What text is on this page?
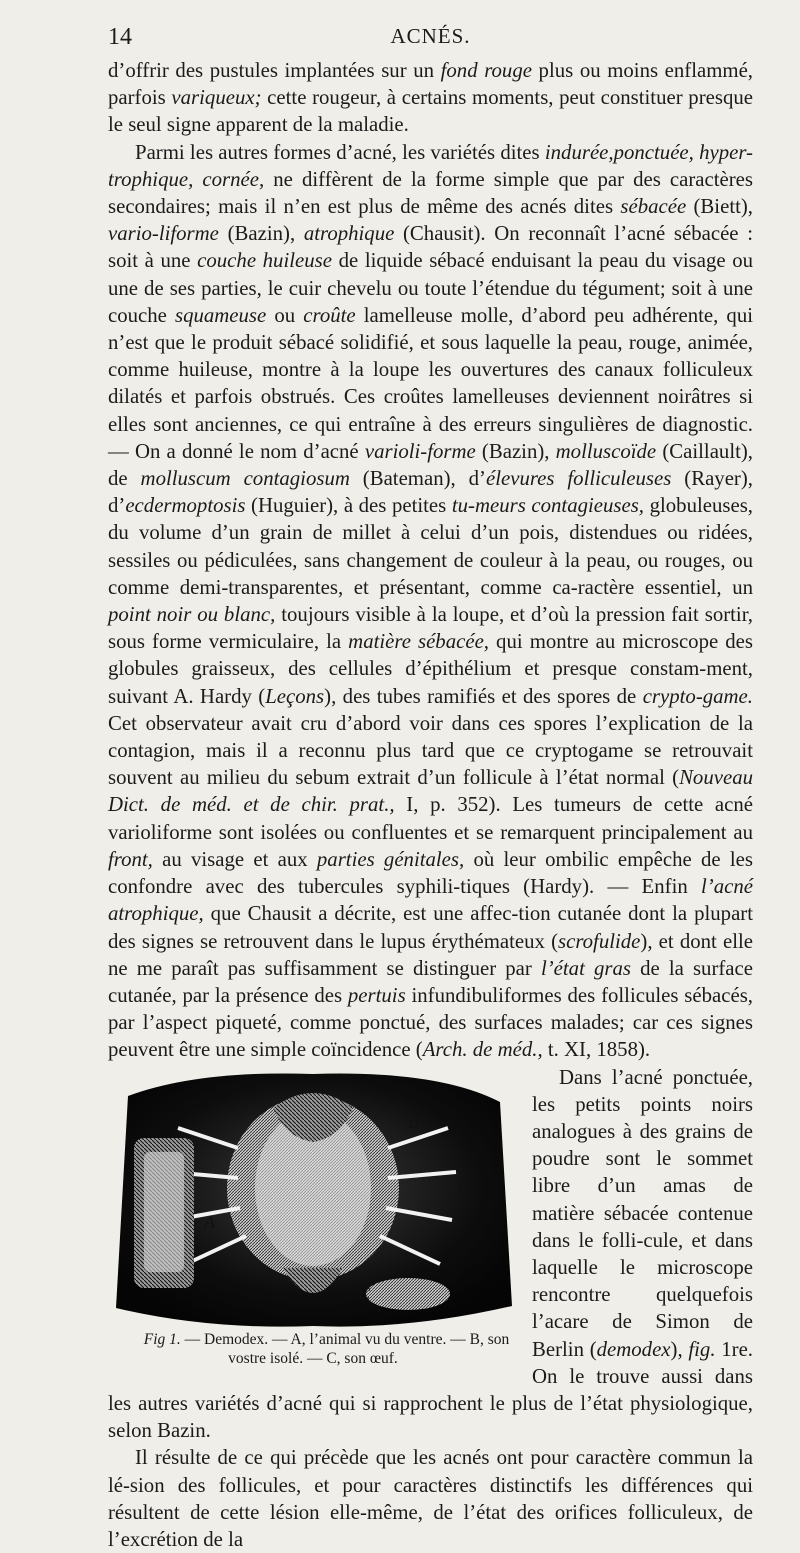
14	ACNÉS.

d’offrir des pustules implantées sur un fond rouge plus ou moins enflammé, parfois variqueux; cette rougeur, à certains moments, peut constituer presque le seul signe apparent de la maladie.

Parmi les autres formes d’acné, les variétés dites indurée,ponctuée, hyper-trophique, cornée, ne diffèrent de la forme simple que par des caractères secondaires; mais il n’en est plus de même des acnés dites sébacée (Biett), vario-liforme (Bazin), atrophique (Chausit). On reconnaît l’acné sébacée : soit à une couche huileuse de liquide sébacé enduisant la peau du visage ou une de ses parties, le cuir chevelu ou toute l’étendue du tégument; soit à une couche squameuse ou croûte lamelleuse molle, d’abord peu adhérente, qui n’est que le produit sébacé solidifié, et sous laquelle la peau, rouge, animée, comme huileuse, montre à la loupe les ouvertures des canaux folliculeux dilatés et parfois obstrués. Ces croûtes lamelleuses deviennent noirâtres si elles sont anciennes, ce qui entraîne à des erreurs singulières de diagnostic. — On a donné le nom d’acné varioli-forme (Bazin), molluscoïde (Caillault), de molluscum contagiosum (Bateman), d’élevures folliculeuses (Rayer), d’ecdermoptosis (Huguier), à des petites tu-meurs contagieuses, globuleuses, du volume d’un grain de millet à celui d’un pois, distendues ou ridées, sessiles ou pédiculées, sans changement de couleur à la peau, ou rouges, ou comme demi-transparentes, et présentant, comme ca-ractère essentiel, un point noir ou blanc, toujours visible à la loupe, et d’où la pression fait sortir, sous forme vermiculaire, la matière sébacée, qui montre au microscope des globules graisseux, des cellules d’épithélium et presque constam-ment, suivant A. Hardy (Leçons), des tubes ramifiés et des spores de crypto-game. Cet observateur avait cru d’abord voir dans ces spores l’explication de la contagion, mais il a reconnu plus tard que ce cryptogame se retrouvait souvent au milieu du sebum extrait d’un follicule à l’état normal (Nouveau Dict. de méd. et de chir. prat., I, p. 352). Les tumeurs de cette acné varioliforme sont isolées ou confluentes et se remarquent principalement au front, au visage et aux parties génitales, où leur ombilic empêche de les confondre avec des tubercules syphili-tiques (Hardy). — Enfin l’acné atrophique, que Chausit a décrite, est une affec-tion cutanée dont la plupart des signes se retrouvent dans le lupus érythémateux (scrofulide), et dont elle ne me paraît pas suffisamment se distinguer par l’état gras de la surface cutanée, par la présence des pertuis infundibuliformes des follicules sébacés, par l’aspect piqueté, comme ponctué, des surfaces malades; car ces signes peuvent être une simple coïncidence (Arch. de méd., t. XI, 1858).

B
A
C

Fig 1. — Demodex. — A, l’animal vu du ventre. — B, son vostre isolé. — C, son œuf.

Dans l’acné ponctuée, les petits points noirs analogues à des grains de poudre sont le sommet libre d’un amas de matière sébacée contenue dans le folli-cule, et dans laquelle le microscope rencontre quelquefois l’acare de Simon de Berlin (demodex), fig. 1re. On le trouve aussi dans les autres variétés d’acné qui si rapprochent le plus de l’état physiologique, selon Bazin.

Il résulte de ce qui précède que les acnés ont pour caractère commun la lé-sion des follicules, et pour caractères distinctifs les différences qui résultent de cette lésion elle-même, de l’état des orifices folliculeux, de l’excrétion de la
